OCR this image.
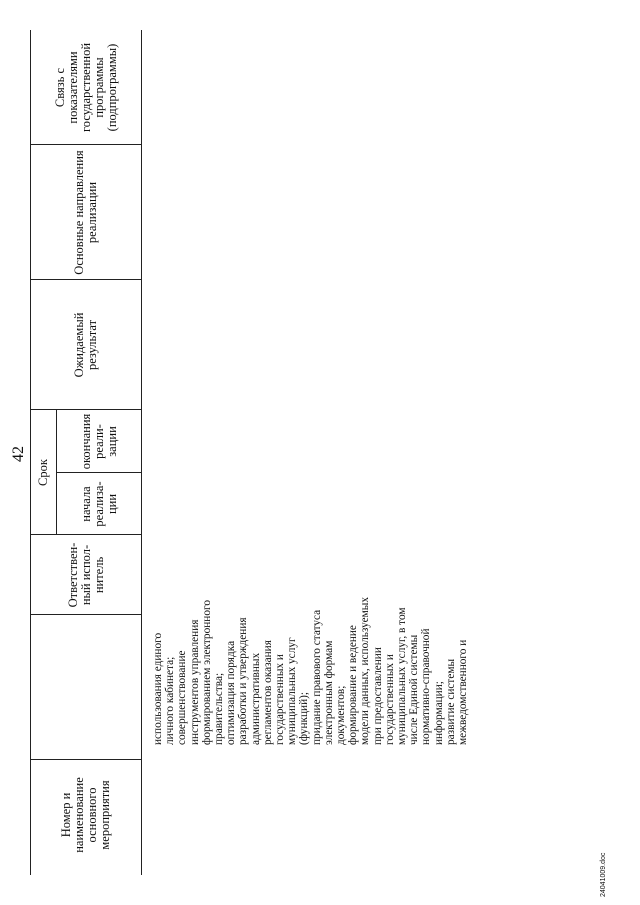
42
24041009.doc
Номер и наименование
основного
мероприятия
Ответствен-
ный испол-
нитель
Срок
начала
реализа-
ции
окончания
реали-
зации
Ожидаемый
результат
Основные направления
реализации
Связь с
показателями
государственной
программы
(подпрограммы)
использования единого личного кабинета; совершенствование инструментов управления формированием электронного правительства; оптимизация порядка разработки и утверждения административных регламентов оказания государственных и муниципальных услуг (функций); придание правового статуса электронным формам документов; формирование и ведение модели данных, используемых при предоставлении государственных и муниципальных услуг, в том числе Единой системы нормативно-справочной информации; развитие системы межведомственного и
